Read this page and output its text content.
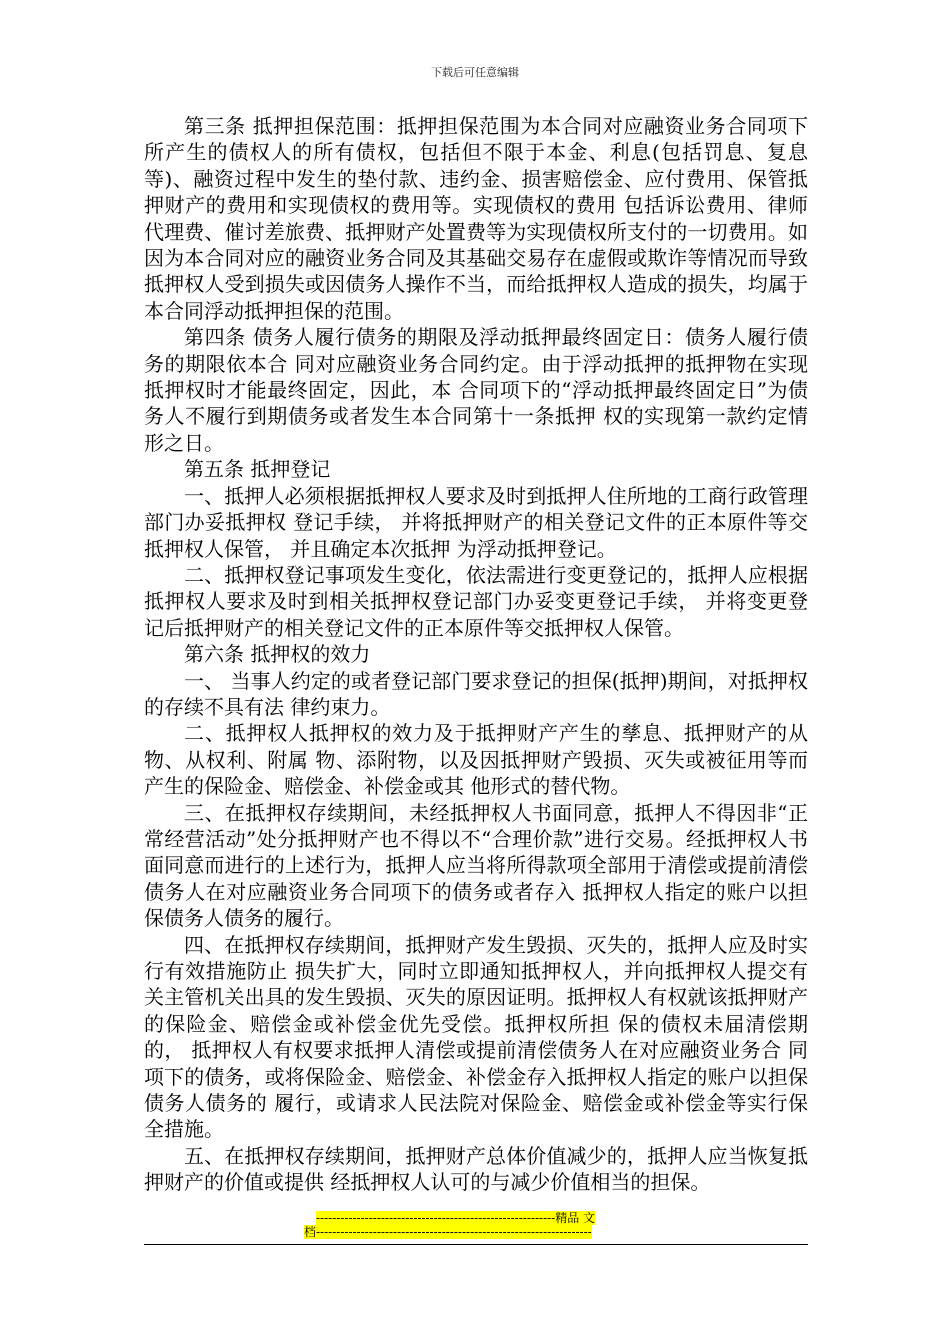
下载后可任意编辑

第三条 抵押担保范围：抵押担保范围为本合同对应融资业务合同项下所产生的债权人的所有债权，包括但不限于本金、利息(包括罚息、复息等)、融资过程中发生的垫付款、违约金、损害赔偿金、应付费用、保管抵押财产的费用和实现债权的费用等。实现债权的费用 包括诉讼费用、律师代理费、催讨差旅费、抵押财产处置费等为实现债权所支付的一切费用。如因为本合同对应的融资业务合同及其基础交易存在虚假或欺诈等情况而导致抵押权人受到损失或因债务人操作不当，而给抵押权人造成的损失，均属于本合同浮动抵押担保的范围。

第四条 债务人履行债务的期限及浮动抵押最终固定日：债务人履行债务的期限依本合 同对应融资业务合同约定。由于浮动抵押的抵押物在实现抵押权时才能最终固定，因此，本 合同项下的“浮动抵押最终固定日”为债务人不履行到期债务或者发生本合同第十一条抵押 权的实现第一款约定情形之日。

第五条 抵押登记

一、抵押人必须根据抵押权人要求及时到抵押人住所地的工商行政管理部门办妥抵押权 登记手续， 并将抵押财产的相关登记文件的正本原件等交抵押权人保管， 并且确定本次抵押 为浮动抵押登记。

二、抵押权登记事项发生变化，依法需进行变更登记的，抵押人应根据抵押权人要求及时到相关抵押权登记部门办妥变更登记手续， 并将变更登记后抵押财产的相关登记文件的正本原件等交抵押权人保管。

第六条 抵押权的效力

一、 当事人约定的或者登记部门要求登记的担保(抵押)期间，对抵押权的存续不具有法 律约束力。

二、抵押权人抵押权的效力及于抵押财产产生的孳息、抵押财产的从物、从权利、附属 物、添附物，以及因抵押财产毁损、灭失或被征用等而产生的保险金、赔偿金、补偿金或其 他形式的替代物。

三、在抵押权存续期间，未经抵押权人书面同意，抵押人不得因非“正常经营活动”处分抵押财产也不得以不“合理价款”进行交易。经抵押权人书面同意而进行的上述行为，抵押人应当将所得款项全部用于清偿或提前清偿债务人在对应融资业务合同项下的债务或者存入 抵押权人指定的账户以担保债务人债务的履行。

四、在抵押权存续期间，抵押财产发生毁损、灭失的，抵押人应及时实行有效措施防止 损失扩大，同时立即通知抵押权人，并向抵押权人提交有关主管机关出具的发生毁损、灭失的原因证明。抵押权人有权就该抵押财产的保险金、赔偿金或补偿金优先受偿。抵押权所担 保的债权未届清偿期的， 抵押权人有权要求抵押人清偿或提前清偿债务人在对应融资业务合 同项下的债务，或将保险金、赔偿金、补偿金存入抵押权人指定的账户以担保债务人债务的 履行，或请求人民法院对保险金、赔偿金或补偿金等实行保全措施。

五、在抵押权存续期间，抵押财产总体价值减少的，抵押人应当恢复抵押财产的价值或提供 经抵押权人认可的与减少价值相当的担保。

-----------------------------------------------------------精品 文
档--------------------------------------------------------------------
